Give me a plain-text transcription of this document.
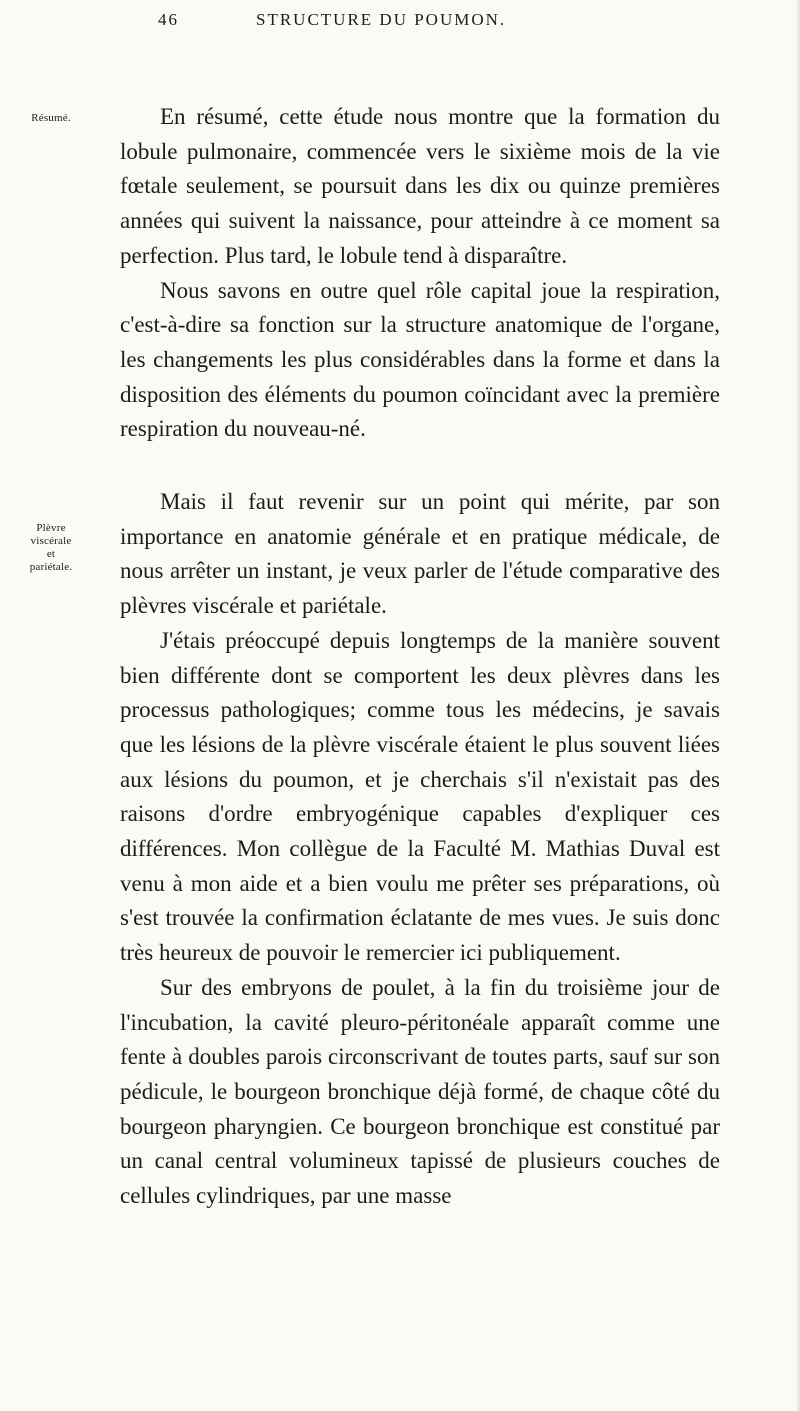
46	STRUCTURE DU POUMON.
Résumé.
Plèvre
viscérale
et
pariétale.

En résumé, cette étude nous montre que la formation du lobule pulmonaire, commencée vers le sixième mois de la vie fœtale seulement, se poursuit dans les dix ou quinze premières années qui suivent la naissance, pour atteindre à ce moment sa perfection. Plus tard, le lobule tend à disparaître.

Nous savons en outre quel rôle capital joue la respiration, c'est-à-dire sa fonction sur la structure anatomique de l'organe, les changements les plus considérables dans la forme et dans la disposition des éléments du poumon coïncidant avec la première respiration du nouveau-né.

Mais il faut revenir sur un point qui mérite, par son importance en anatomie générale et en pratique médicale, de nous arrêter un instant, je veux parler de l'étude comparative des plèvres viscérale et pariétale.

J'étais préoccupé depuis longtemps de la manière souvent bien différente dont se comportent les deux plèvres dans les processus pathologiques; comme tous les médecins, je savais que les lésions de la plèvre viscérale étaient le plus souvent liées aux lésions du poumon, et je cherchais s'il n'existait pas des raisons d'ordre embryogénique capables d'expliquer ces différences. Mon collègue de la Faculté M. Mathias Duval est venu à mon aide et a bien voulu me prêter ses préparations, où s'est trouvée la confirmation éclatante de mes vues. Je suis donc très heureux de pouvoir le remercier ici publiquement.

Sur des embryons de poulet, à la fin du troisième jour de l'incubation, la cavité pleuro-péritonéale apparaît comme une fente à doubles parois circonscrivant de toutes parts, sauf sur son pédicule, le bourgeon bronchique déjà formé, de chaque côté du bourgeon pharyngien. Ce bourgeon bronchique est constitué par un canal central volumineux tapissé de plusieurs couches de cellules cylindriques, par une masse
